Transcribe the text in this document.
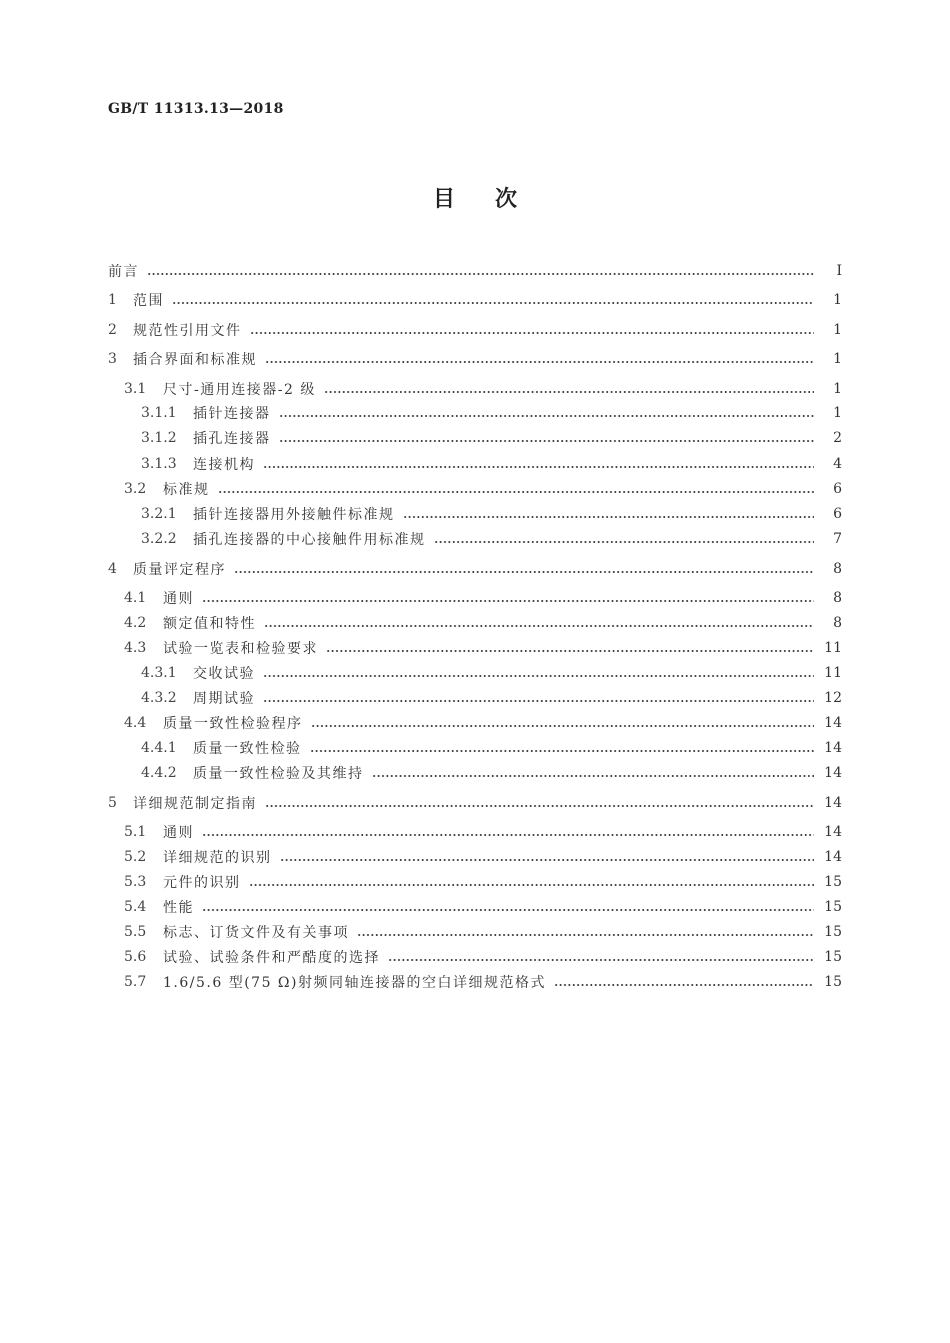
GB/T 11313.13—2018
目次
前言	Ⅰ
1	范围	1
2	规范性引用文件	1
3	插合界面和标准规	1
3.1	尺寸-通用连接器-2 级	1
3.1.1	插针连接器	1
3.1.2	插孔连接器	2
3.1.3	连接机构	4
3.2	标准规	6
3.2.1	插针连接器用外接触件标准规	6
3.2.2	插孔连接器的中心接触件用标准规	7
4	质量评定程序	8
4.1	通则	8
4.2	额定值和特性	8
4.3	试验一览表和检验要求	11
4.3.1	交收试验	11
4.3.2	周期试验	12
4.4	质量一致性检验程序	14
4.4.1	质量一致性检验	14
4.4.2	质量一致性检验及其维持	14
5	详细规范制定指南	14
5.1	通则	14
5.2	详细规范的识别	14
5.3	元件的识别	15
5.4	性能	15
5.5	标志、订货文件及有关事项	15
5.6	试验、试验条件和严酷度的选择	15
5.7	1.6/5.6 型(75 Ω)射频同轴连接器的空白详细规范格式	15
